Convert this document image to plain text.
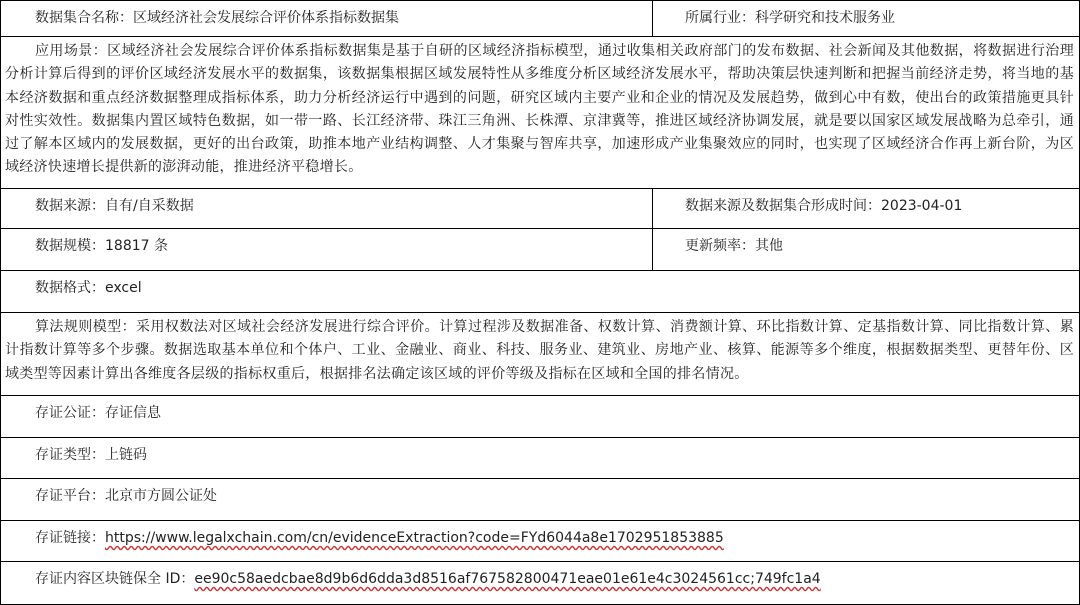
数据集合名称：区域经济社会发展综合评价体系指标数据集	所属行业：科学研究和技术服务业
应用场景：区域经济社会发展综合评价体系指标数据集是基于自研的区域经济指标模型，通过收集相关政府部门的发布数据、社会新闻及其他数据，将数据进行治理分析计算后得到的评价区域经济发展水平的数据集，该数据集根据区域发展特性从多维度分析区域经济发展水平，帮助决策层快速判断和把握当前经济走势，将当地的基本经济数据和重点经济数据整理成指标体系，助力分析经济运行中遇到的问题，研究区域内主要产业和企业的情况及发展趋势，做到心中有数，使出台的政策措施更具针对性实效性。数据集内置区域特色数据，如一带一路、长江经济带、珠江三角洲、长株潭、京津冀等，推进区域经济协调发展，就是要以国家区域发展战略为总牵引，通过了解本区域内的发展数据，更好的出台政策，助推本地产业结构调整、人才集聚与智库共享，加速形成产业集聚效应的同时，也实现了区域经济合作再上新台阶，为区域经济快速增长提供新的澎湃动能，推进经济平稳增长。
数据来源：自有/自采数据	数据来源及数据集合形成时间：2023-04-01
数据规模：18817 条	更新频率：其他
数据格式：excel
算法规则模型：采用权数法对区域社会经济发展进行综合评价。计算过程涉及数据准备、权数计算、消费额计算、环比指数计算、定基指数计算、同比指数计算、累计指数计算等多个步骤。数据选取基本单位和个体户、工业、金融业、商业、科技、服务业、建筑业、房地产业、核算、能源等多个维度，根据数据类型、更替年份、区域类型等因素计算出各维度各层级的指标权重后，根据排名法确定该区域的评价等级及指标在区域和全国的排名情况。
存证公证：存证信息
存证类型：上链码
存证平台：北京市方圆公证处
存证链接：https://www.legalxchain.com/cn/evidenceExtraction?code=FYd6044a8e1702951853885
存证内容区块链保全 ID：ee90c58aedcbae8d9b6d6dda3d8516af767582800471eae01e61e4c3024561cc;749fc1a4
